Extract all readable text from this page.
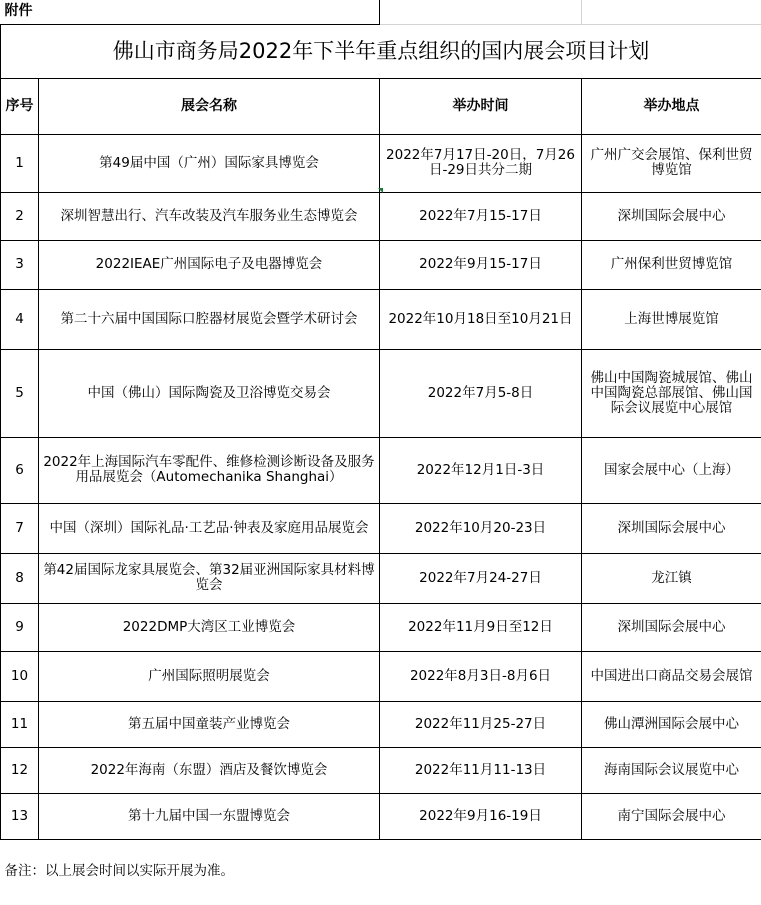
附件			
佛山市商务局2022年下半年重点组织的国内展会项目计划			
序号	展会名称	举办时间	举办地点
1	第49届中国（广州）国际家具博览会	2022年7月17日-20日，7月26日-29日共分二期	广州广交会展馆、保利世贸博览馆
2	深圳智慧出行、汽车改装及汽车服务业生态博览会	2022年7月15-17日	深圳国际会展中心
3	2022IEAE广州国际电子及电器博览会	2022年9月15-17日	广州保利世贸博览馆
4	第二十六届中国国际口腔器材展览会暨学术研讨会	2022年10月18日至10月21日	上海世博展览馆
5	中国（佛山）国际陶瓷及卫浴博览交易会	2022年7月5-8日	佛山中国陶瓷城展馆、佛山中国陶瓷总部展馆、佛山国际会议展览中心展馆
6	2022年上海国际汽车零配件、维修检测诊断设备及服务用品展览会（Automechanika Shanghai）	2022年12月1日-3日	国家会展中心（上海）
7	中国（深圳）国际礼品·工艺品·钟表及家庭用品展览会	2022年10月20-23日	深圳国际会展中心
8	第42届国际龙家具展览会、第32届亚洲国际家具材料博览会	2022年7月24-27日	龙江镇
9	2022DMP大湾区工业博览会	2022年11月9日至12日	深圳国际会展中心
10	广州国际照明展览会	2022年8月3日-8月6日	中国进出口商品交易会展馆
11	第五届中国童装产业博览会	2022年11月25-27日	佛山潭洲国际会展中心
12	2022年海南（东盟）酒店及餐饮博览会	2022年11月11-13日	海南国际会议展览中心
13	第十九届中国一东盟博览会	2022年9月16-19日	南宁国际会展中心
备注：以上展会时间以实际开展为准。			
